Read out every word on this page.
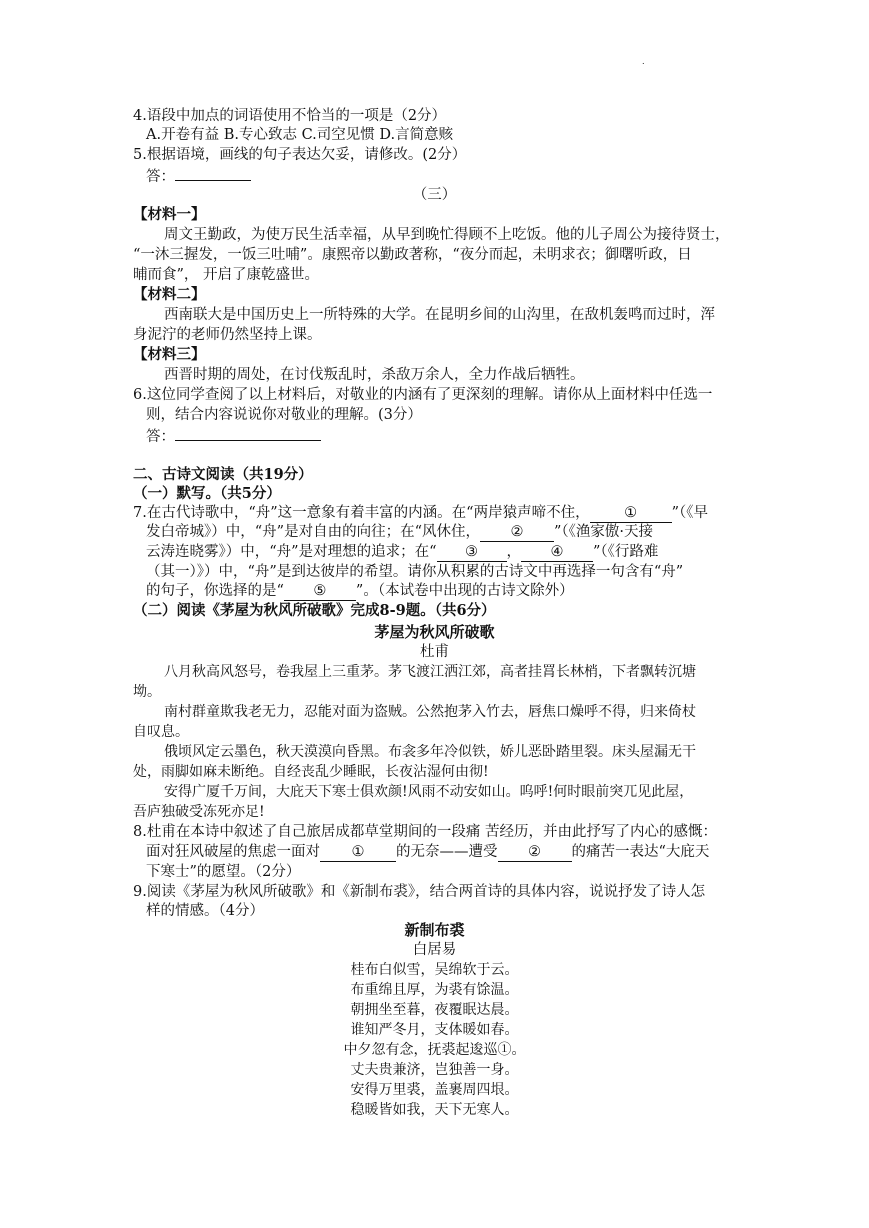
.
4.语段中加点的词语使用不恰当的一项是（2分）
A.开卷有益 B.专心致志 C.司空见惯 D.言简意赅
5.根据语境，画线的句子表达欠妥，请修改。(2分）
答：
（三）
【材料一】
周文王勤政，为使万民生活幸福，从早到晚忙得顾不上吃饭。他的儿子周公为接待贤士，
“一沐三握发，一饭三吐哺”。康熙帝以勤政著称，“夜分而起，未明求衣；御曙听政，日
晡而食”， 开启了康乾盛世。
【材料二】
西南联大是中国历史上一所特殊的大学。在昆明乡间的山沟里，在敌机轰鸣而过时，浑
身泥泞的老师仍然坚持上课。
【材料三】
西晋时期的周处，在讨伐叛乱时，杀敌万余人，全力作战后牺牲。
6.这位同学查阅了以上材料后，对敬业的内涵有了更深刻的理解。请你从上面材料中任选一
则，结合内容说说你对敬业的理解。(3分）
答：
二、古诗文阅读（共19分）
（一）默写。（共5分）
7.在古代诗歌中，“舟”这一意象有着丰富的内涵。在“两岸猿声啼不住， ① ”（《早
发白帝城》）中，“舟”是对自由的向往；在“风休住， ② ”（《渔家傲·天接
云涛连晓雾》）中，“舟”是对理想的追求；在“ ③ ， ④ ”（《行路难
（其一）》）中，“舟”是到达彼岸的希望。请你从积累的古诗文中再选择一句含有“舟”
的句子，你选择的是“ ⑤ ”。（本试卷中出现的古诗文除外）
（二）阅读《茅屋为秋风所破歌》完成8-9题。（共6分）
茅屋为秋风所破歌
杜甫
八月秋高风怒号，卷我屋上三重茅。茅飞渡江洒江郊，高者挂罥长林梢，下者飘转沉塘
坳。
南村群童欺我老无力，忍能对面为盗贼。公然抱茅入竹去，唇焦口燥呼不得，归来倚杖
自叹息。
俄顷风定云墨色，秋天漠漠向昏黑。布衾多年冷似铁，娇儿恶卧踏里裂。床头屋漏无干
处，雨脚如麻未断绝。自经丧乱少睡眠，长夜沾湿何由彻!
安得广厦千万间，大庇天下寒士俱欢颜!风雨不动安如山。呜呼!何时眼前突兀见此屋，
吾庐独破受冻死亦足!
8.杜甫在本诗中叙述了自己旅居成都草堂期间的一段痛 苦经历，并由此抒写了内心的感慨：
面对狂风破屋的焦虑一面对 ① 的无奈——遭受 ② 的痛苦一表达“大庇天
下寒士”的愿望。（2分）
9.阅读《茅屋为秋风所破歌》和《新制布裘》，结合两首诗的具体内容，说说抒发了诗人怎
样的情感。（4分）
新制布裘
白居易
桂布白似雪，吴绵软于云。
布重绵且厚，为裘有馀温。
朝拥坐至暮，夜覆眠达晨。
谁知严冬月，支体暖如春。
中夕忽有念，抚裘起逡巡①。
丈夫贵兼济，岂独善一身。
安得万里裘，盖裹周四垠。
稳暖皆如我，天下无寒人。
